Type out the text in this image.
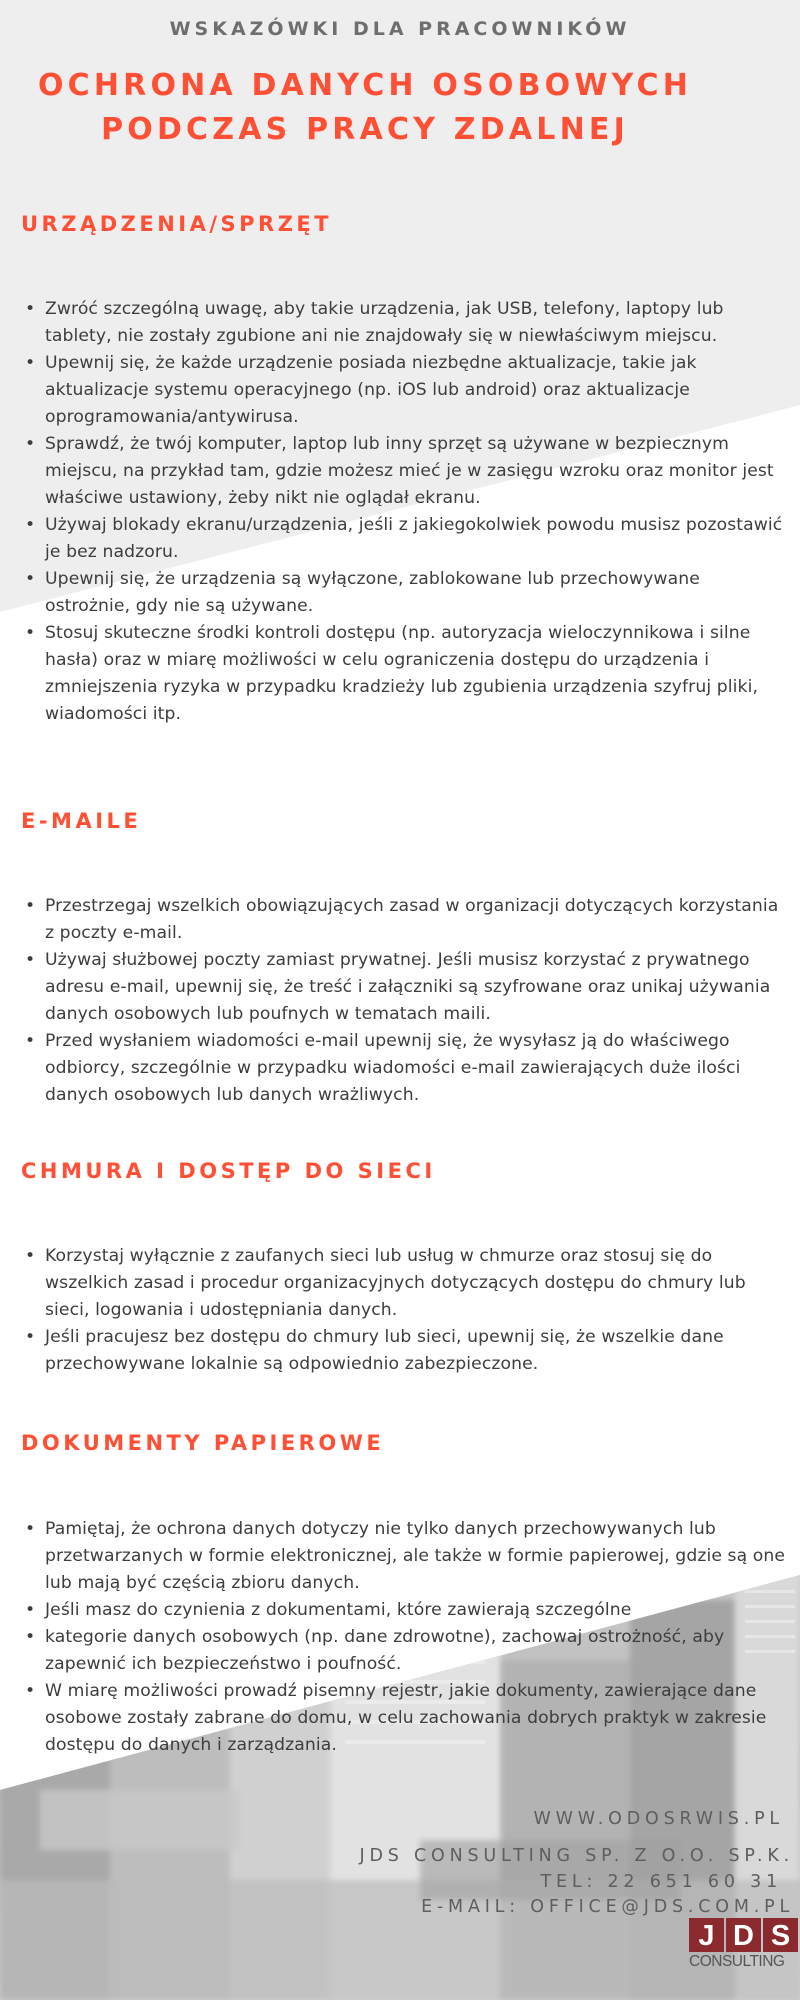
WSKAZÓWKI DLA PRACOWNIKÓW
OCHRONA DANYCH OSOBOWYCH
PODCZAS PRACY ZDALNEJ
URZĄDZENIA/SPRZĘT
• Zwróć szczególną uwagę, aby takie urządzenia, jak USB, telefony, laptopy lub tablety, nie zostały zgubione ani nie znajdowały się w niewłaściwym miejscu.
• Upewnij się, że każde urządzenie posiada niezbędne aktualizacje, takie jak aktualizacje systemu operacyjnego (np. iOS lub android) oraz aktualizacje oprogramowania/antywirusa.
• Sprawdź, że twój komputer, laptop lub inny sprzęt są używane w bezpiecznym miejscu, na przykład tam, gdzie możesz mieć je w zasięgu wzroku oraz monitor jest właściwe ustawiony, żeby nikt nie oglądał ekranu.
• Używaj blokady ekranu/urządzenia, jeśli z jakiegokolwiek powodu musisz pozostawić je bez nadzoru.
• Upewnij się, że urządzenia są wyłączone, zablokowane lub przechowywane ostrożnie, gdy nie są używane.
• Stosuj skuteczne środki kontroli dostępu (np. autoryzacja wieloczynnikowa i silne hasła) oraz w miarę możliwości w celu ograniczenia dostępu do urządzenia i zmniejszenia ryzyka w przypadku kradzieży lub zgubienia urządzenia szyfruj pliki, wiadomości itp.
E-MAILE
• Przestrzegaj wszelkich obowiązujących zasad w organizacji dotyczących korzystania z poczty e-mail.
• Używaj służbowej poczty zamiast prywatnej. Jeśli musisz korzystać z prywatnego adresu e-mail, upewnij się, że treść i załączniki są szyfrowane oraz unikaj używania danych osobowych lub poufnych w tematach maili.
• Przed wysłaniem wiadomości e-mail upewnij się, że wysyłasz ją do właściwego odbiorcy, szczególnie w przypadku wiadomości e-mail zawierających duże ilości danych osobowych lub danych wrażliwych.
CHMURA I DOSTĘP DO SIECI
• Korzystaj wyłącznie z zaufanych sieci lub usług w chmurze oraz stosuj się do wszelkich zasad i procedur organizacyjnych dotyczących dostępu do chmury lub sieci, logowania i udostępniania danych.
• Jeśli pracujesz bez dostępu do chmury lub sieci, upewnij się, że wszelkie dane przechowywane lokalnie są odpowiednio zabezpieczone.
DOKUMENTY PAPIEROWE
• Pamiętaj, że ochrona danych dotyczy nie tylko danych przechowywanych lub przetwarzanych w formie elektronicznej, ale także w formie papierowej, gdzie są one lub mają być częścią zbioru danych.
• Jeśli masz do czynienia z dokumentami, które zawierają szczególne
• kategorie danych osobowych (np. dane zdrowotne), zachowaj ostrożność, aby zapewnić ich bezpieczeństwo i poufność.
• W miarę możliwości prowadź pisemny rejestr, jakie dokumenty, zawierające dane osobowe zostały zabrane do domu, w celu zachowania dobrych praktyk w zakresie dostępu do danych i zarządzania.
WWW.ODOSRWIS.PL
JDS CONSULTING SP. Z O.O. SP.K.
TEL: 22 651 60 31
E-MAIL: OFFICE@JDS.COM.PL
J D S
CONSULTING
